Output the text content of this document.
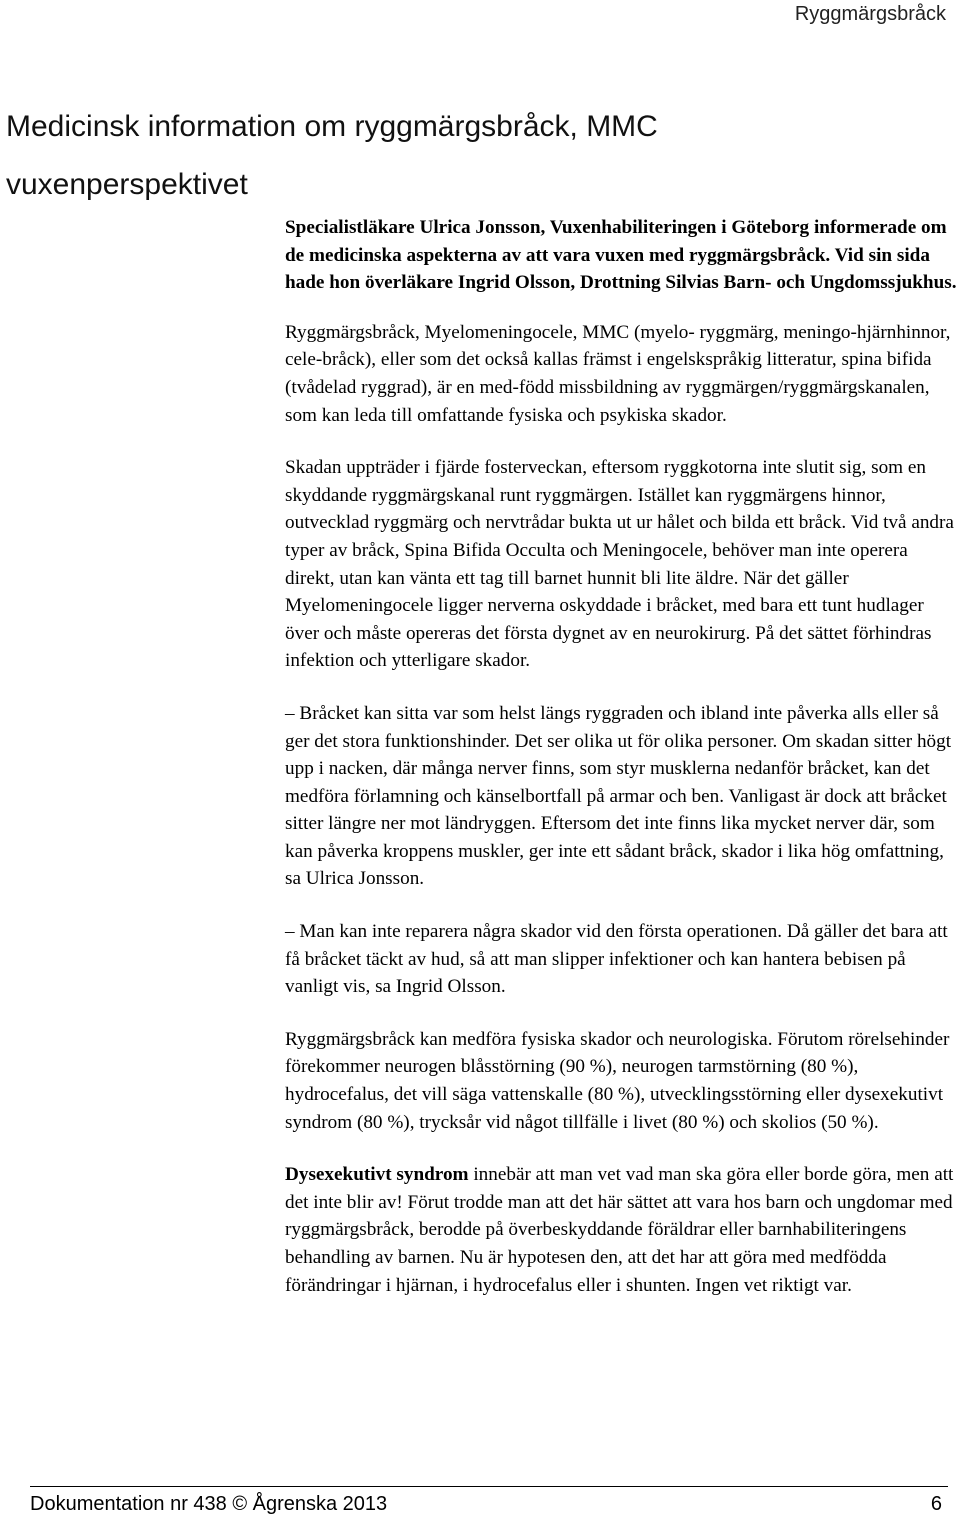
Ryggmärgsbråck
Medicinsk information om ryggmärgsbråck, MMC
vuxenperspektivet

Specialistläkare Ulrica Jonsson, Vuxenhabiliteringen i Göteborg informerade om de medicinska aspekterna av att vara vuxen med ryggmärgsbråck. Vid sin sida hade hon överläkare Ingrid Olsson, Drottning Silvias Barn- och Ungdomssjukhus.

Ryggmärgsbråck, Myelomeningocele, MMC (myelo- ryggmärg, meningo-hjärnhinnor, cele-bråck), eller som det också kallas främst i engelskspråkig litteratur, spina bifida (tvådelad ryggrad), är en med-född missbildning av ryggmärgen/ryggmärgskanalen, som kan leda till omfattande fysiska och psykiska skador.

Skadan uppträder i fjärde fosterveckan, eftersom ryggkotorna inte slutit sig, som en skyddande ryggmärgskanal runt ryggmärgen. Istället kan ryggmärgens hinnor, outvecklad ryggmärg och nervtrådar bukta ut ur hålet och bilda ett bråck. Vid två andra typer av bråck, Spina Bifida Occulta och Meningocele, behöver man inte operera direkt, utan kan vänta ett tag till barnet hunnit bli lite äldre. När det gäller Myelomeningocele ligger nerverna oskyddade i bråcket, med bara ett tunt hudlager över och måste opereras det första dygnet av en neurokirurg. På det sättet förhindras infektion och ytterligare skador.

– Bråcket kan sitta var som helst längs ryggraden och ibland inte påverka alls eller så ger det stora funktionshinder. Det ser olika ut för olika personer. Om skadan sitter högt upp i nacken, där många nerver finns, som styr musklerna nedanför bråcket, kan det medföra förlamning och känselbortfall på armar och ben. Vanligast är dock att bråcket sitter längre ner mot ländryggen. Eftersom det inte finns lika mycket nerver där, som kan påverka kroppens muskler, ger inte ett sådant bråck, skador i lika hög omfattning, sa Ulrica Jonsson.

– Man kan inte reparera några skador vid den första operationen. Då gäller det bara att få bråcket täckt av hud, så att man slipper infektioner och kan hantera bebisen på vanligt vis, sa Ingrid Olsson.

Ryggmärgsbråck kan medföra fysiska skador och neurologiska. Förutom rörelsehinder förekommer neurogen blåsstörning (90 %), neurogen tarmstörning (80 %), hydrocefalus, det vill säga vattenskalle (80 %), utvecklingsstörning eller dysexekutivt syndrom (80 %), trycksår vid något tillfälle i livet (80 %) och skolios (50 %).

Dysexekutivt syndrom innebär att man vet vad man ska göra eller borde göra, men att det inte blir av! Förut trodde man att det här sättet att vara hos barn och ungdomar med ryggmärgsbråck, berodde på överbeskyddande föräldrar eller barnhabiliteringens behandling av barnen. Nu är hypotesen den, att det har att göra med medfödda förändringar i hjärnan, i hydrocefalus eller i shunten. Ingen vet riktigt var.

Dokumentation nr 438 © Ågrenska 2013	6
